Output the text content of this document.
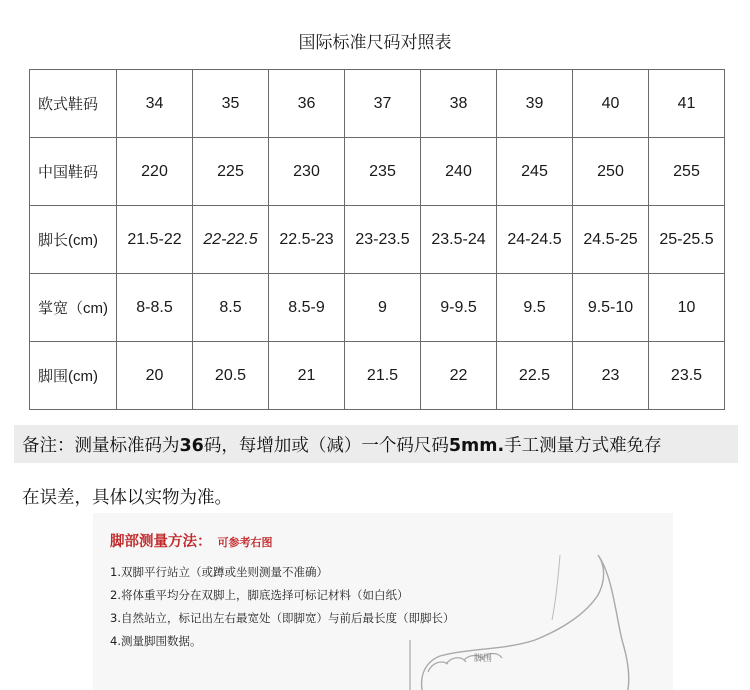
国际标准尺码对照表
欧式鞋码	34	35	36	37	38	39	40	41
中国鞋码	220	225	230	235	240	245	250	255
脚长(cm)	21.5-22	22-22.5	22.5-23	23-23.5	23.5-24	24-24.5	24.5-25	25-25.5
掌宽（cm)	8-8.5	8.5	8.5-9	9	9-9.5	9.5	9.5-10	10
脚围(cm)	20	20.5	21	21.5	22	22.5	23	23.5
备注：测量标准码为36码，每增加或（减）一个码尺码5mm.手工测量方式难免存
在误差，具体以实物为准。
脚围
脚部测量方法： 可参考右图
1.双脚平行站立（或蹲或坐则测量不准确）
2.将体重平均分在双脚上，脚底选择可标记材料（如白纸）
3.自然站立，标记出左右最宽处（即脚宽）与前后最长度（即脚长）
4.测量脚围数据。
